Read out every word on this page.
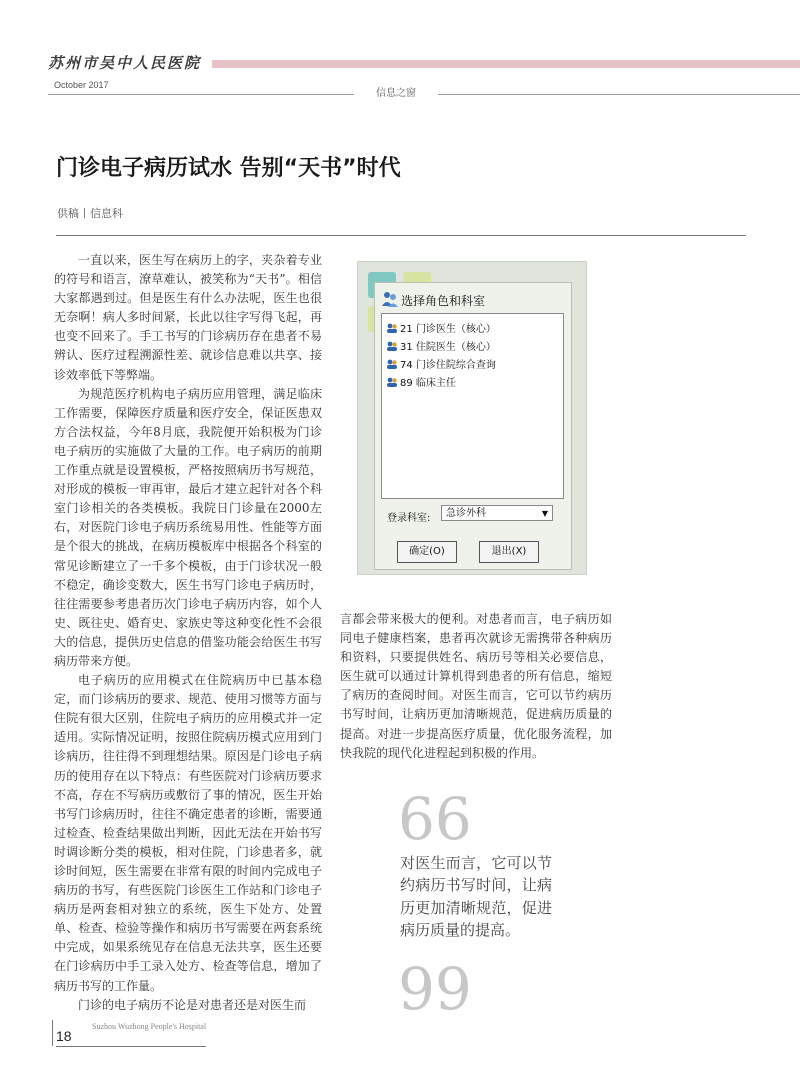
苏州市吴中人民医院
October 2017
信息之窗
门诊电子病历试水 告别“天书”时代
供稿丨信息科

一直以来，医生写在病历上的字，夹杂着专业的符号和语言，潦草难认，被笑称为“天书”。相信大家都遇到过。但是医生有什么办法呢，医生也很无奈啊！病人多时间紧，长此以往字写得飞起，再也变不回来了。手工书写的门诊病历存在患者不易辨认、医疗过程溯源性差、就诊信息难以共享、接诊效率低下等弊端。

为规范医疗机构电子病历应用管理，满足临床工作需要，保障医疗质量和医疗安全，保证医患双方合法权益，今年8月底，我院便开始积极为门诊电子病历的实施做了大量的工作。电子病历的前期工作重点就是设置模板，严格按照病历书写规范，对形成的模板一审再审，最后才建立起针对各个科室门诊相关的各类模板。我院日门诊量在2000左右，对医院门诊电子病历系统易用性、性能等方面是个很大的挑战，在病历模板库中根据各个科室的常见诊断建立了一千多个模板，由于门诊状况一般不稳定，确诊变数大，医生书写门诊电子病历时，往往需要参考患者历次门诊电子病历内容，如个人史、既往史、婚育史、家族史等这种变化性不会很大的信息，提供历史信息的借鉴功能会给医生书写病历带来方便。

电子病历的应用模式在住院病历中已基本稳定，而门诊病历的要求、规范、使用习惯等方面与住院有很大区别，住院电子病历的应用模式并一定适用。实际情况证明，按照住院病历模式应用到门诊病历，往往得不到理想结果。原因是门诊电子病历的使用存在以下特点：有些医院对门诊病历要求不高，存在不写病历或敷衍了事的情况，医生开始书写门诊病历时，往往不确定患者的诊断，需要通过检查、检查结果做出判断，因此无法在开始书写时调诊断分类的模板，相对住院，门诊患者多，就诊时间短，医生需要在非常有限的时间内完成电子病历的书写，有些医院门诊医生工作站和门诊电子病历是两套相对独立的系统，医生下处方、处置单、检查、检验等操作和病历书写需要在两套系统中完成，如果系统见存在信息无法共享，医生还要在门诊病历中手工录入处方、检查等信息，增加了病历书写的工作量。

门诊的电子病历不论是对患者还是对医生而

选择角色和科室
21 门诊医生（核心）
31 住院医生（核心）
74 门诊住院综合查询
89 临床主任
登录科室:	急诊外科	▼
确定(O)	退出(X)

言都会带来极大的便利。对患者而言，电子病历如同电子健康档案，患者再次就诊无需携带各种病历和资料，只要提供姓名、病历号等相关必要信息，医生就可以通过计算机得到患者的所有信息，缩短了病历的查阅时间。对医生而言，它可以节约病历书写时间，让病历更加清晰规范，促进病历质量的提高。对进一步提高医疗质量，优化服务流程，加快我院的现代化进程起到积极的作用。

66
对医生而言，它可以节约病历书写时间，让病历更加清晰规范，促进病历质量的提高。
99
18
Suzhou Wuzhong People's Hospital
